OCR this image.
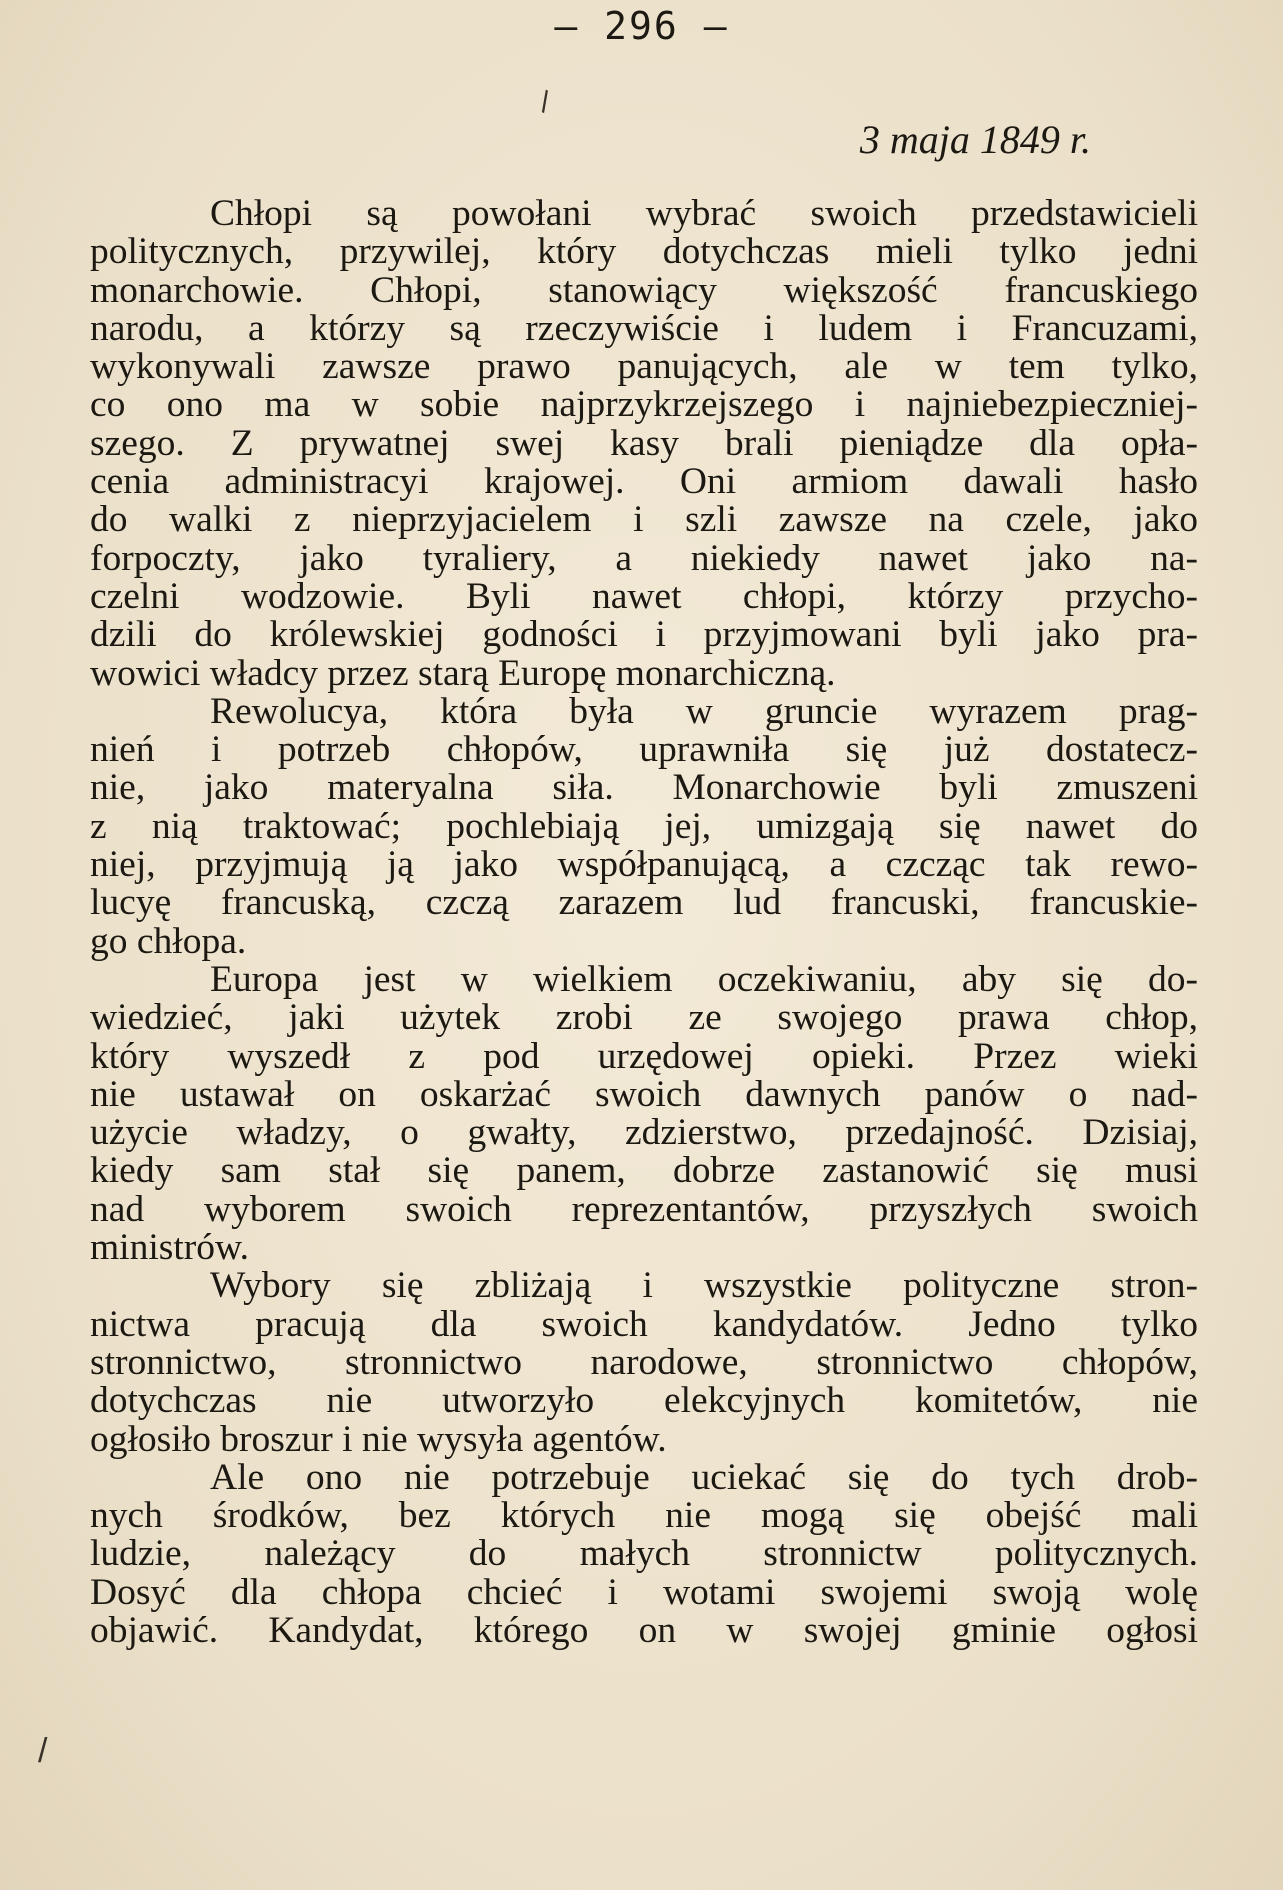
— 296 —
\
3 maja 1849 r.
Chłopi są powołani wybrać swoich przedstawicieli
politycznych, przywilej, który dotychczas mieli tylko jedni
monarchowie. Chłopi, stanowiący większość francuskiego
narodu, a którzy są rzeczywiście i ludem i Francuzami,
wykonywali zawsze prawo panujących, ale w tem tylko,
co ono ma w sobie najprzykrzejszego i najniebezpieczniej-
szego. Z prywatnej swej kasy brali pieniądze dla opła-
cenia administracyi krajowej. Oni armiom dawali hasło
do walki z nieprzyjacielem i szli zawsze na czele, jako
forpoczty, jako tyraliery, a niekiedy nawet jako na-
czelni wodzowie. Byli nawet chłopi, którzy przycho-
dzili do królewskiej godności i przyjmowani byli jako pra-
wowici władcy przez starą Europę monarchiczną.
Rewolucya, która była w gruncie wyrazem prag-
nień i potrzeb chłopów, uprawniła się już dostatecz-
nie, jako materyalna siła. Monarchowie byli zmuszeni
z nią traktować; pochlebiają jej, umizgają się nawet do
niej, przyjmują ją jako współpanującą, a czcząc tak rewo-
lucyę francuską, czczą zarazem lud francuski, francuskie-
go chłopa.
Europa jest w wielkiem oczekiwaniu, aby się do-
wiedzieć, jaki użytek zrobi ze swojego prawa chłop,
który wyszedł z pod urzędowej opieki. Przez wieki
nie ustawał on oskarżać swoich dawnych panów o nad-
użycie władzy, o gwałty, zdzierstwo, przedajność. Dzisiaj,
kiedy sam stał się panem, dobrze zastanowić się musi
nad wyborem swoich reprezentantów, przyszłych swoich
ministrów.
Wybory się zbliżają i wszystkie polityczne stron-
nictwa pracują dla swoich kandydatów. Jedno tylko
stronnictwo, stronnictwo narodowe, stronnictwo chłopów,
dotychczas nie utworzyło elekcyjnych komitetów, nie
ogłosiło broszur i nie wysyła agentów.
Ale ono nie potrzebuje uciekać się do tych drob-
nych środków, bez których nie mogą się obejść mali
ludzie, należący do małych stronnictw politycznych.
Dosyć dla chłopa chcieć i wotami swojemi swoją wolę
objawić. Kandydat, którego on w swojej gminie ogłosi
/
